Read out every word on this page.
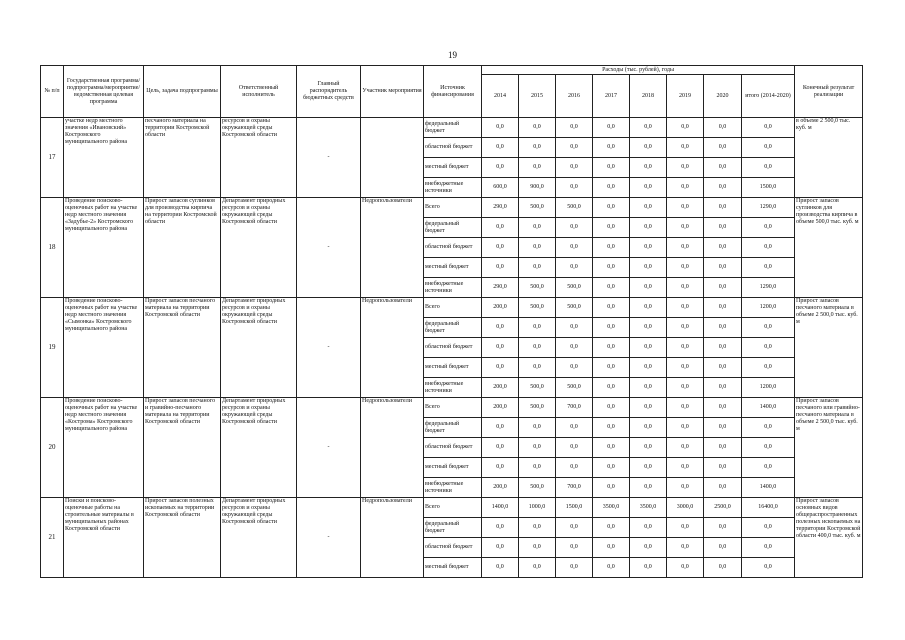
19
№ п/п	Государственная программа/подпрограмма/мероприятие/ведомственная целевая программа	Цель, задача подпрограммы	Ответственный исполнитель	Главный распорядитель бюджетных средств	Участник мероприятия	Источник финансирования	Расходы (тыс. рублей), годы								Конечный результат реализации
							2014	2015	2016	2017	2018	2019	2020	итого (2014-2020)	
17	участке недр местного значения «Ивановский» Костромского муниципального района	песчаного материала на территории Костромской области	ресурсов и охраны окружающей среды Костромской области	-		федеральный бюджет	0,0	0,0	0,0	0,0	0,0	0,0	0,0	0,0	в объеме 2 500,0 тыс. куб. м
						областной бюджет	0,0	0,0	0,0	0,0	0,0	0,0	0,0	0,0	
						местный бюджет	0,0	0,0	0,0	0,0	0,0	0,0	0,0	0,0	
						внебюджетные источники	600,0	900,0	0,0	0,0	0,0	0,0	0,0	1500,0	
18	Проведение поисково-оценочных работ на участке недр местного значения «Задубье-2» Костромского муниципального района	Прирост запасов суглинков для производства кирпича на территории Костромской области	Департамент природных ресурсов и охраны окружающей среды Костромской области	-	Недропользователи	Всего	290,0	500,0	500,0	0,0	0,0	0,0	0,0	1290,0	Прирост запасов суглинков для производства кирпича в объеме 500,0 тыс. куб. м
						федеральный бюджет	0,0	0,0	0,0	0,0	0,0	0,0	0,0	0,0	
						областной бюджет	0,0	0,0	0,0	0,0	0,0	0,0	0,0	0,0	
						местный бюджет	0,0	0,0	0,0	0,0	0,0	0,0	0,0	0,0	
						внебюджетные источники	290,0	500,0	500,0	0,0	0,0	0,0	0,0	1290,0	
19	Проведение поисково-оценочных работ на участке недр местного значения «Сымонка» Костромского муниципального района	Прирост запасов песчаного материала на территории Костромской области	Департамент природных ресурсов и охраны окружающей среды Костромской области	-	Недропользователи	Всего	200,0	500,0	500,0	0,0	0,0	0,0	0,0	1200,0	Прирост запасов песчаного материала в объеме 2 500,0 тыс. куб. м
						федеральный бюджет	0,0	0,0	0,0	0,0	0,0	0,0	0,0	0,0	
						областной бюджет	0,0	0,0	0,0	0,0	0,0	0,0	0,0	0,0	
						местный бюджет	0,0	0,0	0,0	0,0	0,0	0,0	0,0	0,0	
						внебюджетные источники	200,0	500,0	500,0	0,0	0,0	0,0	0,0	1200,0	
20	Проведение поисково-оценочных работ на участке недр местного значения «Кострома» Костромского муниципального района	Прирост запасов песчаного и гравийно-песчаного материала на территории Костромской области	Департамент природных ресурсов и охраны окружающей среды Костромской области	-	Недропользователи	Всего	200,0	500,0	700,0	0,0	0,0	0,0	0,0	1400,0	Прирост запасов песчаного или гравийно-песчаного материала в объеме 2 500,0 тыс. куб. м
						федеральный бюджет	0,0	0,0	0,0	0,0	0,0	0,0	0,0	0,0	
						областной бюджет	0,0	0,0	0,0	0,0	0,0	0,0	0,0	0,0	
						местный бюджет	0,0	0,0	0,0	0,0	0,0	0,0	0,0	0,0	
						внебюджетные источники	200,0	500,0	700,0	0,0	0,0	0,0	0,0	1400,0	
21	Поиски и поисково-оценочные работы на строительные материалы в муниципальных районах Костромской области	Прирост запасов полезных ископаемых на территории Костромской области	Департамент природных ресурсов и охраны окружающей среды Костромской области	-	Недропользователи	Всего	1400,0	1000,0	1500,0	3500,0	3500,0	3000,0	2500,0	16400,0	Прирост запасов основных видов общераспространенных полезных ископаемых на территории Костромской области 400,0 тыс. куб. м
						федеральный бюджет	0,0	0,0	0,0	0,0	0,0	0,0	0,0	0,0	
						областной бюджет	0,0	0,0	0,0	0,0	0,0	0,0	0,0	0,0	
						местный бюджет	0,0	0,0	0,0	0,0	0,0	0,0	0,0	0,0	
